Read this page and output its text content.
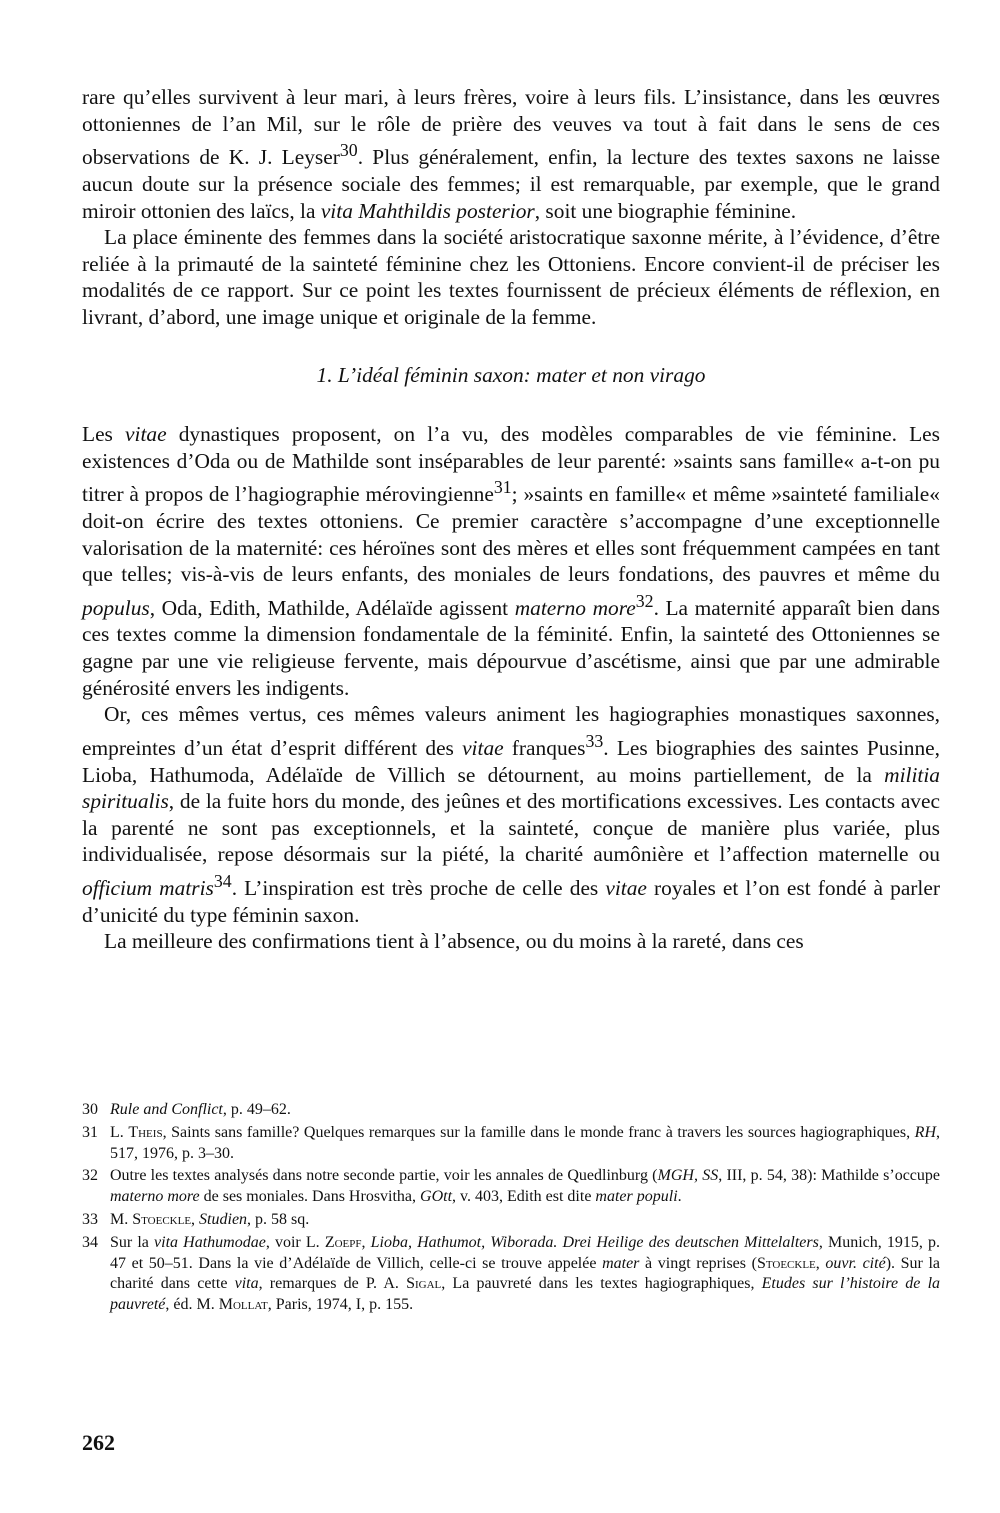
rare qu’elles survivent à leur mari, à leurs frères, voire à leurs fils. L’insistance, dans les œuvres ottoniennes de l’an Mil, sur le rôle de prière des veuves va tout à fait dans le sens de ces observations de K. J. Leyser$^{30}$. Plus généralement, enfin, la lecture des textes saxons ne laisse aucun doute sur la présence sociale des femmes; il est remarquable, par exemple, que le grand miroir ottonien des laïcs, la vita Mahthildis posterior, soit une biographie féminine.

La place éminente des femmes dans la société aristocratique saxonne mérite, à l’évidence, d’être reliée à la primauté de la sainteté féminine chez les Ottoniens. Encore convient-il de préciser les modalités de ce rapport. Sur ce point les textes fournissent de précieux éléments de réflexion, en livrant, d’abord, une image unique et originale de la femme.

1. L’idéal féminin saxon: mater et non virago

Les vitae dynastiques proposent, on l’a vu, des modèles comparables de vie féminine. Les existences d’Oda ou de Mathilde sont inséparables de leur parenté: »saints sans famille« a-t-on pu titrer à propos de l’hagiographie mérovingienne$^{31}$; »saints en famille« et même »sainteté familiale« doit-on écrire des textes ottoniens. Ce premier caractère s’accompagne d’une exceptionnelle valorisation de la maternité: ces héroïnes sont des mères et elles sont fréquemment campées en tant que telles; vis-à-vis de leurs enfants, des moniales de leurs fondations, des pauvres et même du populus, Oda, Edith, Mathilde, Adélaïde agissent materno more$^{32}$. La maternité apparaît bien dans ces textes comme la dimension fondamentale de la féminité. Enfin, la sainteté des Ottoniennes se gagne par une vie religieuse fervente, mais dépourvue d’ascétisme, ainsi que par une admirable générosité envers les indigents.

Or, ces mêmes vertus, ces mêmes valeurs animent les hagiographies monastiques saxonnes, empreintes d’un état d’esprit différent des vitae franques$^{33}$. Les biographies des saintes Pusinne, Lioba, Hathumoda, Adélaïde de Villich se détournent, au moins partiellement, de la militia spiritualis, de la fuite hors du monde, des jeûnes et des mortifications excessives. Les contacts avec la parenté ne sont pas exceptionnels, et la sainteté, conçue de manière plus variée, plus individualisée, repose désormais sur la piété, la charité aumônière et l’affection maternelle ou officium matris$^{34}$. L’inspiration est très proche de celle des vitae royales et l’on est fondé à parler d’unicité du type féminin saxon.

La meilleure des confirmations tient à l’absence, ou du moins à la rareté, dans ces

30 Rule and Conflict, p. 49–62.
31 L. Theis, Saints sans famille? Quelques remarques sur la famille dans le monde franc à travers les sources hagiographiques, RH, 517, 1976, p. 3–30.
32 Outre les textes analysés dans notre seconde partie, voir les annales de Quedlinburg (MGH, SS, III, p. 54, 38): Mathilde s’occupe materno more de ses moniales. Dans Hrosvitha, GOtt, v. 403, Edith est dite mater populi.
33 M. Stoeckle, Studien, p. 58 sq.
34 Sur la vita Hathumodae, voir L. Zoepf, Lioba, Hathumot, Wiborada. Drei Heilige des deutschen Mittelalters, Munich, 1915, p. 47 et 50–51. Dans la vie d’Adélaïde de Villich, celle-ci se trouve appelée mater à vingt reprises (Stoeckle, ouvr. cité). Sur la charité dans cette vita, remarques de P. A. Sigal, La pauvreté dans les textes hagiographiques, Etudes sur l’histoire de la pauvreté, éd. M. Mollat, Paris, 1974, I, p. 155.
262
